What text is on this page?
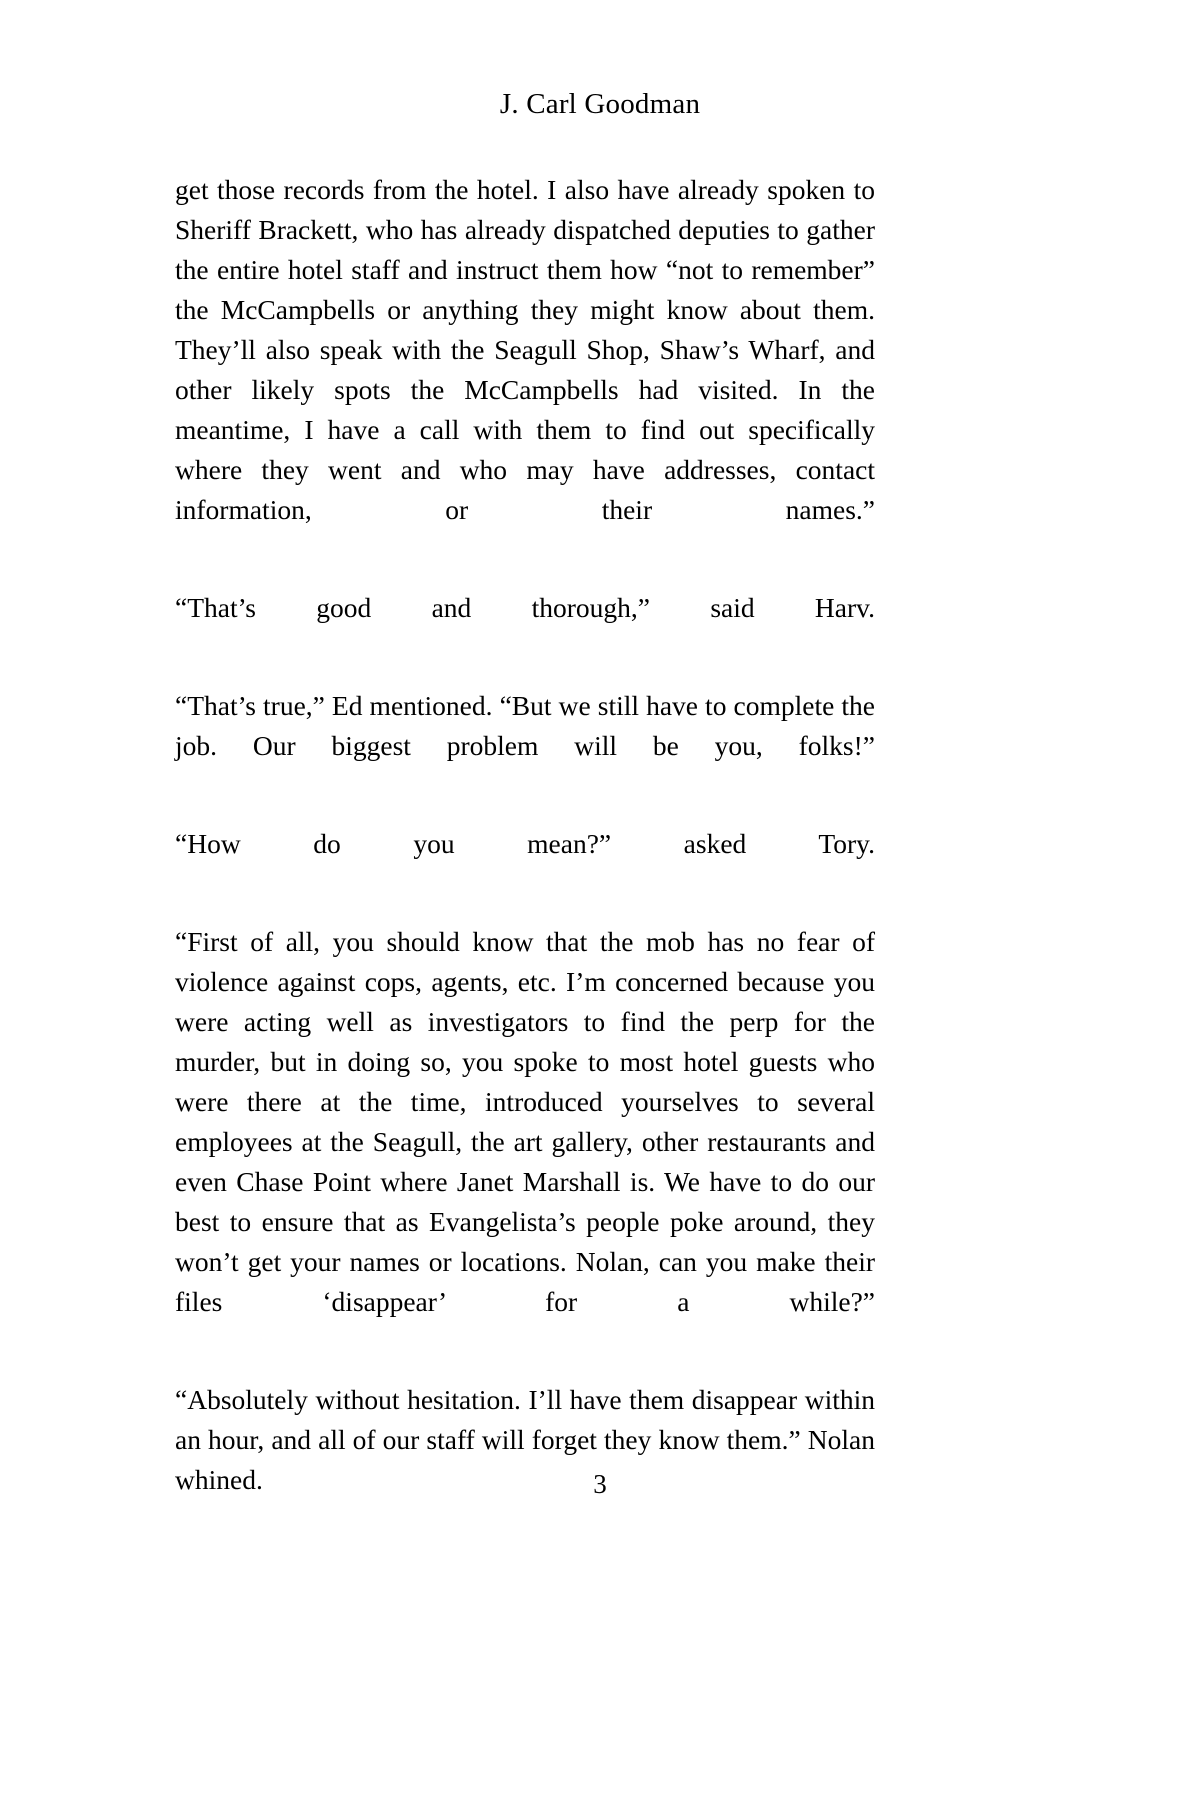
J. Carl Goodman

get those records from the hotel. I also have already spoken to Sheriff Brackett, who has already dispatched deputies to gather the entire hotel staff and instruct them how “not to remember” the McCampbells or anything they might know about them. They’ll also speak with the Seagull Shop, Shaw’s Wharf, and other likely spots the McCampbells had visited. In the meantime, I have a call with them to find out specifically where they went and who may have addresses, contact information, or their names.”

“That’s good and thorough,” said Harv.

“That’s true,” Ed mentioned. “But we still have to complete the job. Our biggest problem will be you, folks!”

“How do you mean?” asked Tory.

“First of all, you should know that the mob has no fear of violence against cops, agents, etc. I’m concerned because you were acting well as investigators to find the perp for the murder, but in doing so, you spoke to most hotel guests who were there at the time, introduced yourselves to several employees at the Seagull, the art gallery, other restaurants and even Chase Point where Janet Marshall is. We have to do our best to ensure that as Evangelista’s people poke around, they won’t get your names or locations. Nolan, can you make their files ‘disappear’ for a while?”

“Absolutely without hesitation. I’ll have them disappear within an hour, and all of our staff will forget they know them.” Nolan whined.	3
